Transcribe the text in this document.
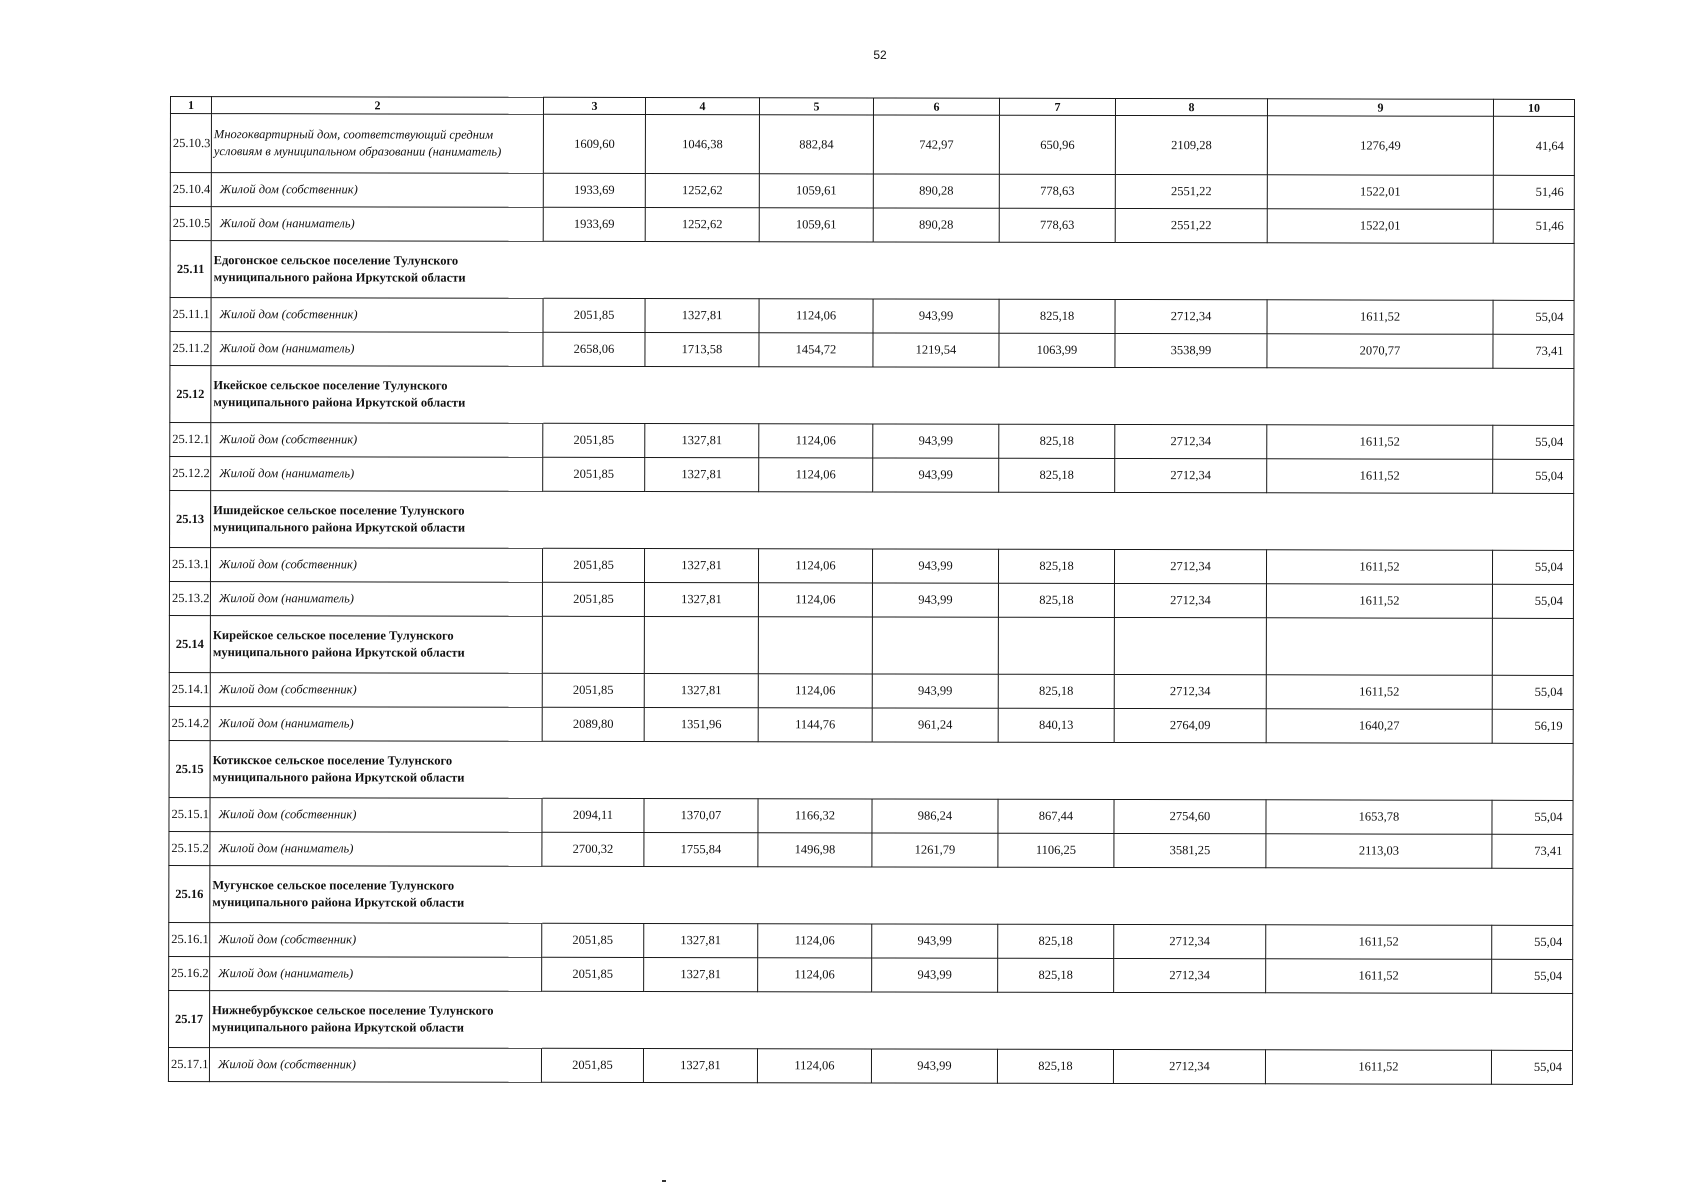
52
1	2	3	4	5	6	7	8	9	10
25.10.3	Многоквартирный дом, соответствующий средним условиям в муниципальном образовании (наниматель)	1609,60	1046,38	882,84	742,97	650,96	2109,28	1276,49	41,64
25.10.4	Жилой дом (собственник)	1933,69	1252,62	1059,61	890,28	778,63	2551,22	1522,01	51,46
25.10.5	Жилой дом (наниматель)	1933,69	1252,62	1059,61	890,28	778,63	2551,22	1522,01	51,46
25.11	Едогонское сельское поселение Тулунского муниципального района Иркутской области								
25.11.1	Жилой дом (собственник)	2051,85	1327,81	1124,06	943,99	825,18	2712,34	1611,52	55,04
25.11.2	Жилой дом (наниматель)	2658,06	1713,58	1454,72	1219,54	1063,99	3538,99	2070,77	73,41
25.12	Икейское сельское поселение Тулунского муниципального района Иркутской области								
25.12.1	Жилой дом (собственник)	2051,85	1327,81	1124,06	943,99	825,18	2712,34	1611,52	55,04
25.12.2	Жилой дом (наниматель)	2051,85	1327,81	1124,06	943,99	825,18	2712,34	1611,52	55,04
25.13	Ишидейское сельское поселение Тулунского муниципального района Иркутской области								
25.13.1	Жилой дом (собственник)	2051,85	1327,81	1124,06	943,99	825,18	2712,34	1611,52	55,04
25.13.2	Жилой дом (наниматель)	2051,85	1327,81	1124,06	943,99	825,18	2712,34	1611,52	55,04
25.14	Кирейское сельское поселение Тулунского муниципального района Иркутской области								
25.14.1	Жилой дом (собственник)	2051,85	1327,81	1124,06	943,99	825,18	2712,34	1611,52	55,04
25.14.2	Жилой дом (наниматель)	2089,80	1351,96	1144,76	961,24	840,13	2764,09	1640,27	56,19
25.15	Котикское сельское поселение Тулунского муниципального района Иркутской области								
25.15.1	Жилой дом (собственник)	2094,11	1370,07	1166,32	986,24	867,44	2754,60	1653,78	55,04
25.15.2	Жилой дом (наниматель)	2700,32	1755,84	1496,98	1261,79	1106,25	3581,25	2113,03	73,41
25.16	Мугунское сельское поселение Тулунского муниципального района Иркутской области								
25.16.1	Жилой дом (собственник)	2051,85	1327,81	1124,06	943,99	825,18	2712,34	1611,52	55,04
25.16.2	Жилой дом (наниматель)	2051,85	1327,81	1124,06	943,99	825,18	2712,34	1611,52	55,04
25.17	Нижнебурбукское сельское поселение Тулунского муниципального района Иркутской области								
25.17.1	Жилой дом (собственник)	2051,85	1327,81	1124,06	943,99	825,18	2712,34	1611,52	55,04
